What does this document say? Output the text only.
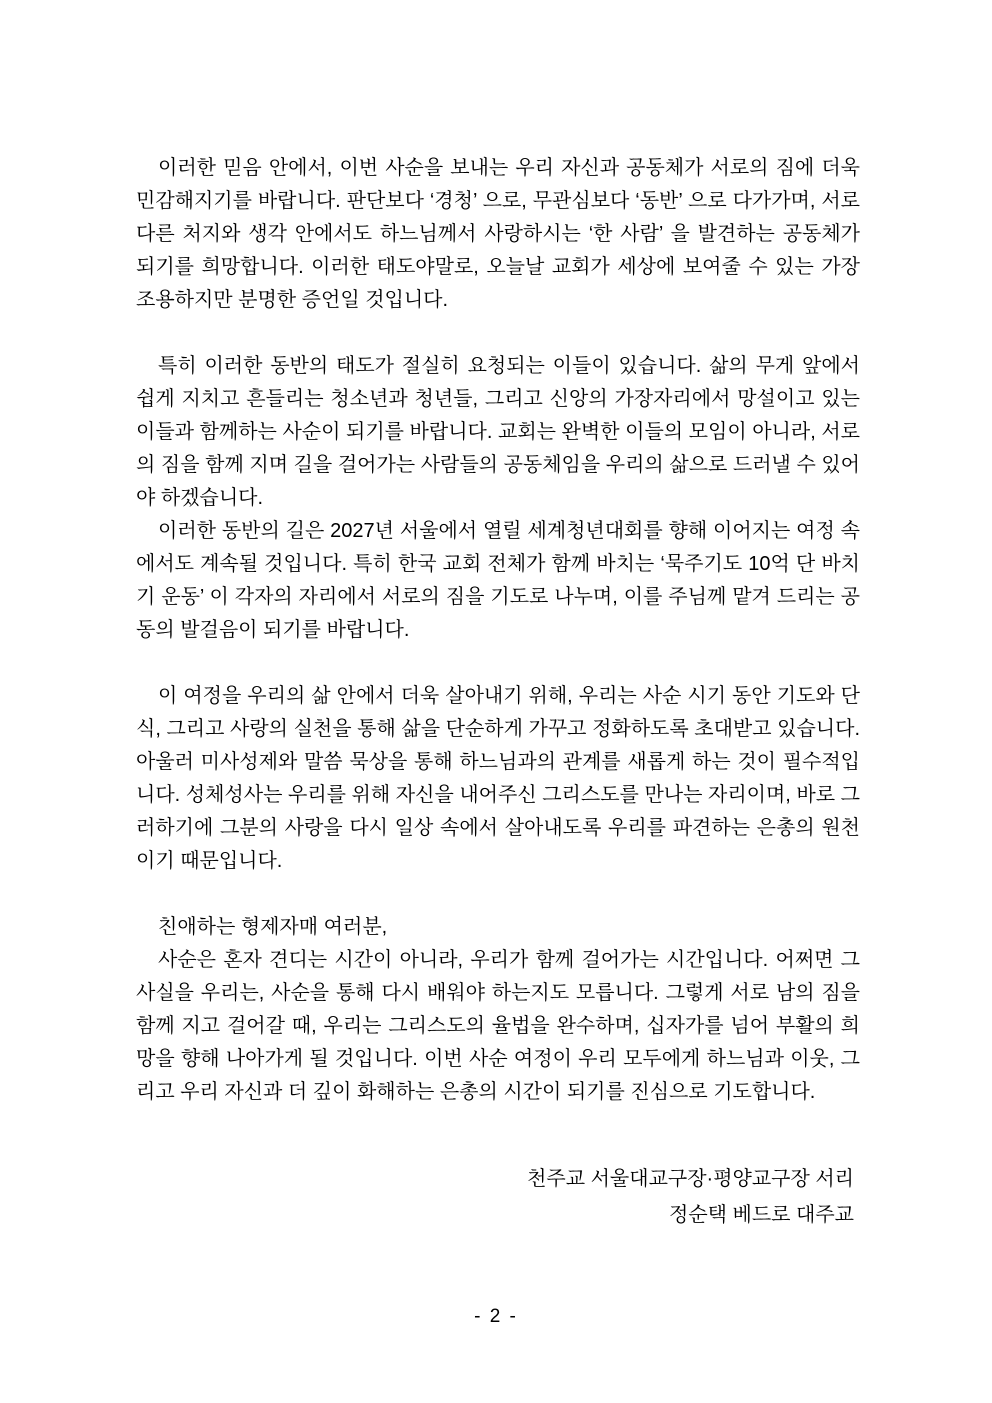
이러한 믿음 안에서, 이번 사순을 보내는 우리 자신과 공동체가 서로의 짐에 더욱 민감해지기를 바랍니다. 판단보다 ‘경청’ 으로, 무관심보다 ‘동반’ 으로 다가가며, 서로 다른 처지와 생각 안에서도 하느님께서 사랑하시는 ‘한 사람’ 을 발견하는 공동체가 되기를 희망합니다. 이러한 태도야말로, 오늘날 교회가 세상에 보여줄 수 있는 가장 조용하지만 분명한 증언일 것입니다.

특히 이러한 동반의 태도가 절실히 요청되는 이들이 있습니다. 삶의 무게 앞에서 쉽게 지치고 흔들리는 청소년과 청년들, 그리고 신앙의 가장자리에서 망설이고 있는 이들과 함께하는 사순이 되기를 바랍니다. 교회는 완벽한 이들의 모임이 아니라, 서로의 짐을 함께 지며 길을 걸어가는 사람들의 공동체임을 우리의 삶으로 드러낼 수 있어야 하겠습니다.

이러한 동반의 길은 2027년 서울에서 열릴 세계청년대회를 향해 이어지는 여정 속에서도 계속될 것입니다. 특히 한국 교회 전체가 함께 바치는 ‘묵주기도 10억 단 바치기 운동’ 이 각자의 자리에서 서로의 짐을 기도로 나누며, 이를 주님께 맡겨 드리는 공동의 발걸음이 되기를 바랍니다.

이 여정을 우리의 삶 안에서 더욱 살아내기 위해, 우리는 사순 시기 동안 기도와 단식, 그리고 사랑의 실천을 통해 삶을 단순하게 가꾸고 정화하도록 초대받고 있습니다. 아울러 미사성제와 말씀 묵상을 통해 하느님과의 관계를 새롭게 하는 것이 필수적입니다. 성체성사는 우리를 위해 자신을 내어주신 그리스도를 만나는 자리이며, 바로 그러하기에 그분의 사랑을 다시 일상 속에서 살아내도록 우리를 파견하는 은총의 원천이기 때문입니다.

친애하는 형제자매 여러분,

사순은 혼자 견디는 시간이 아니라, 우리가 함께 걸어가는 시간입니다. 어쩌면 그 사실을 우리는, 사순을 통해 다시 배워야 하는지도 모릅니다. 그렇게 서로 남의 짐을 함께 지고 걸어갈 때, 우리는 그리스도의 율법을 완수하며, 십자가를 넘어 부활의 희망을 향해 나아가게 될 것입니다. 이번 사순 여정이 우리 모두에게 하느님과 이웃, 그리고 우리 자신과 더 깊이 화해하는 은총의 시간이 되기를 진심으로 기도합니다.

천주교 서울대교구장·평양교구장 서리
정순택 베드로 대주교
- 2 -
